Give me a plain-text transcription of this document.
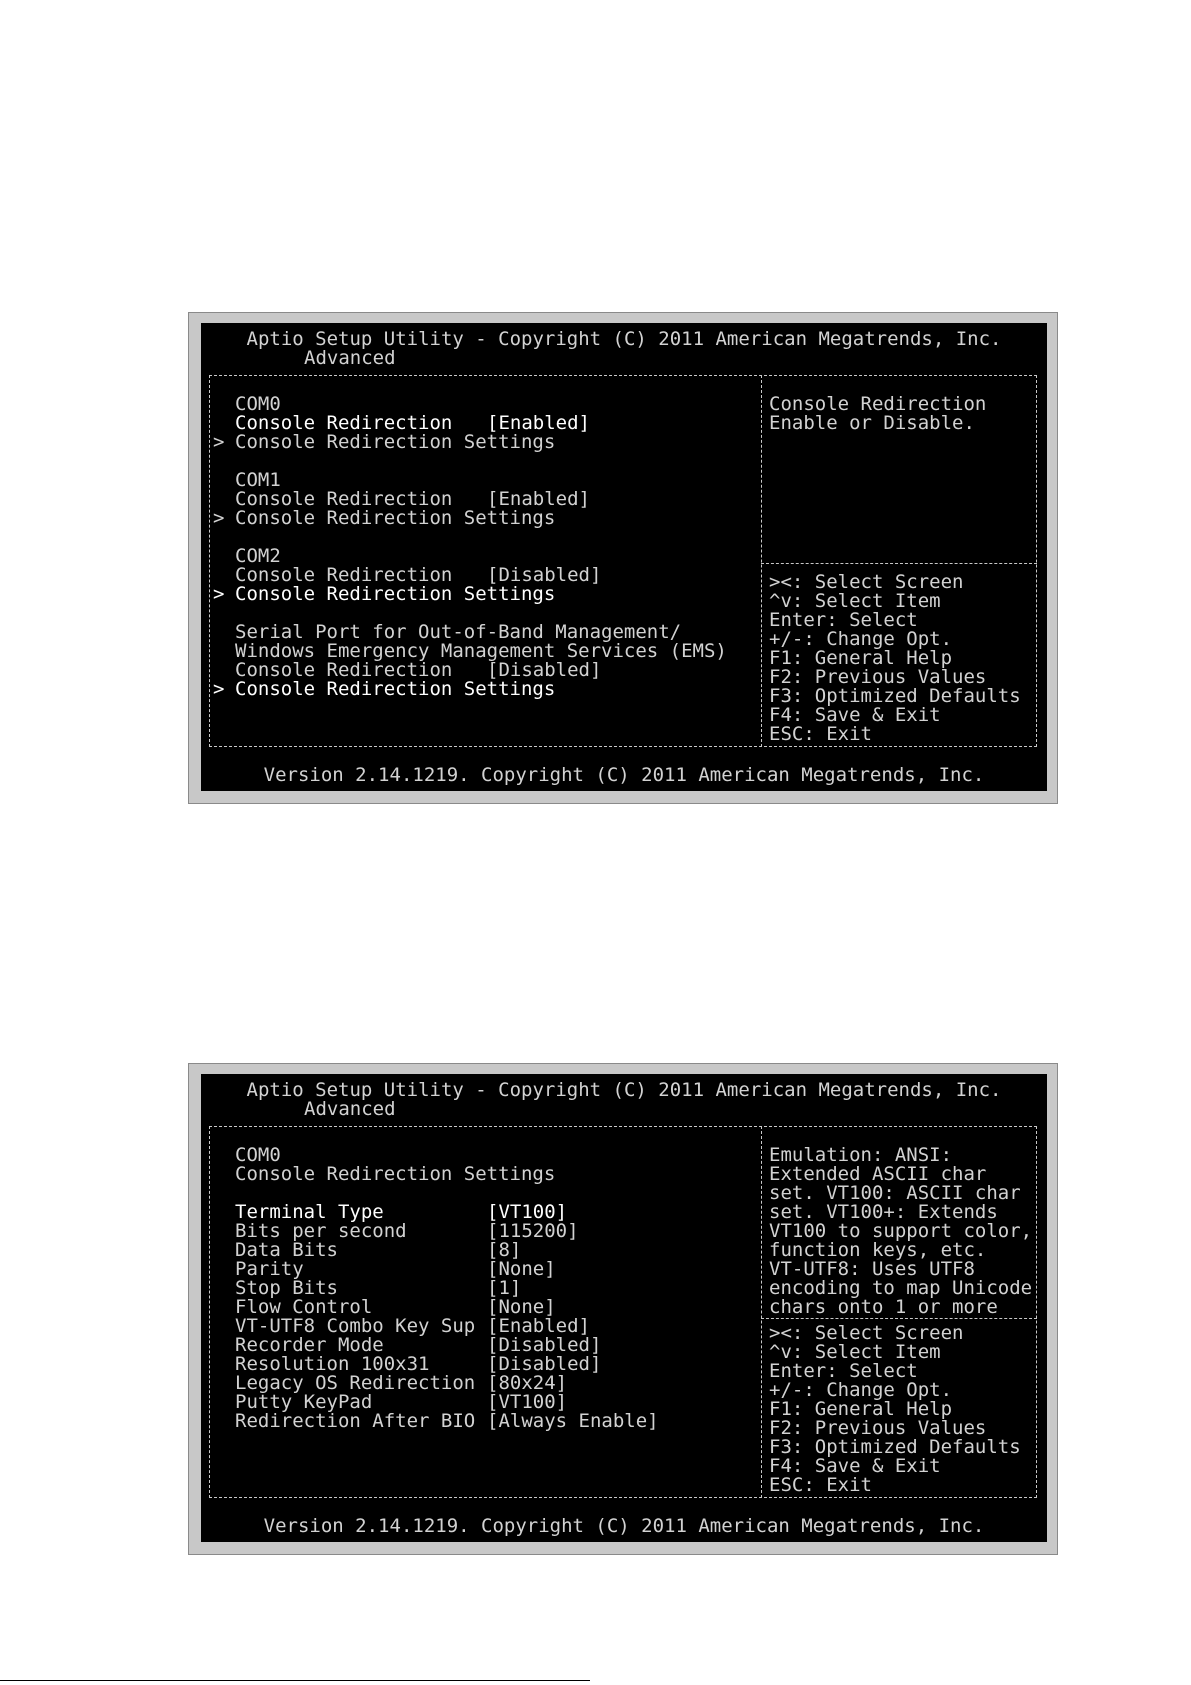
Aptio Setup Utility - Copyright (C) 2011 American Megatrends, Inc.
Advanced
COM0
Console Redirection	[Enabled]
> Console Redirection Settings
COM1
Console Redirection	[Enabled]
> Console Redirection Settings
COM2
Console Redirection	[Disabled]
> Console Redirection Settings
Serial Port for Out-of-Band Management/
Windows Emergency Management Services (EMS)
Console Redirection	[Disabled]
> Console Redirection Settings
Console Redirection
Enable or Disable.
><: Select Screen
^v: Select Item
Enter: Select
+/-: Change Opt.
F1: General Help
F2: Previous Values
F3: Optimized Defaults
F4: Save & Exit
ESC: Exit
Version 2.14.1219. Copyright (C) 2011 American Megatrends, Inc.
Aptio Setup Utility - Copyright (C) 2011 American Megatrends, Inc.
Advanced
COM0
Console Redirection Settings
Terminal Type	[VT100]
Bits per second	[115200]
Data Bits	[8]
Parity	[None]
Stop Bits	[1]
Flow Control	[None]
VT-UTF8 Combo Key Sup [Enabled]
Recorder Mode	[Disabled]
Resolution 100x31	[Disabled]
Legacy OS Redirection [80x24]
Putty KeyPad	[VT100]
Redirection After BIO [Always Enable]
Emulation: ANSI:
Extended ASCII char
set. VT100: ASCII char
set. VT100+: Extends
VT100 to support color,
function keys, etc.
VT-UTF8: Uses UTF8
encoding to map Unicode
chars onto 1 or more
><: Select Screen
^v: Select Item
Enter: Select
+/-: Change Opt.
F1: General Help
F2: Previous Values
F3: Optimized Defaults
F4: Save & Exit
ESC: Exit
Version 2.14.1219. Copyright (C) 2011 American Megatrends, Inc.
